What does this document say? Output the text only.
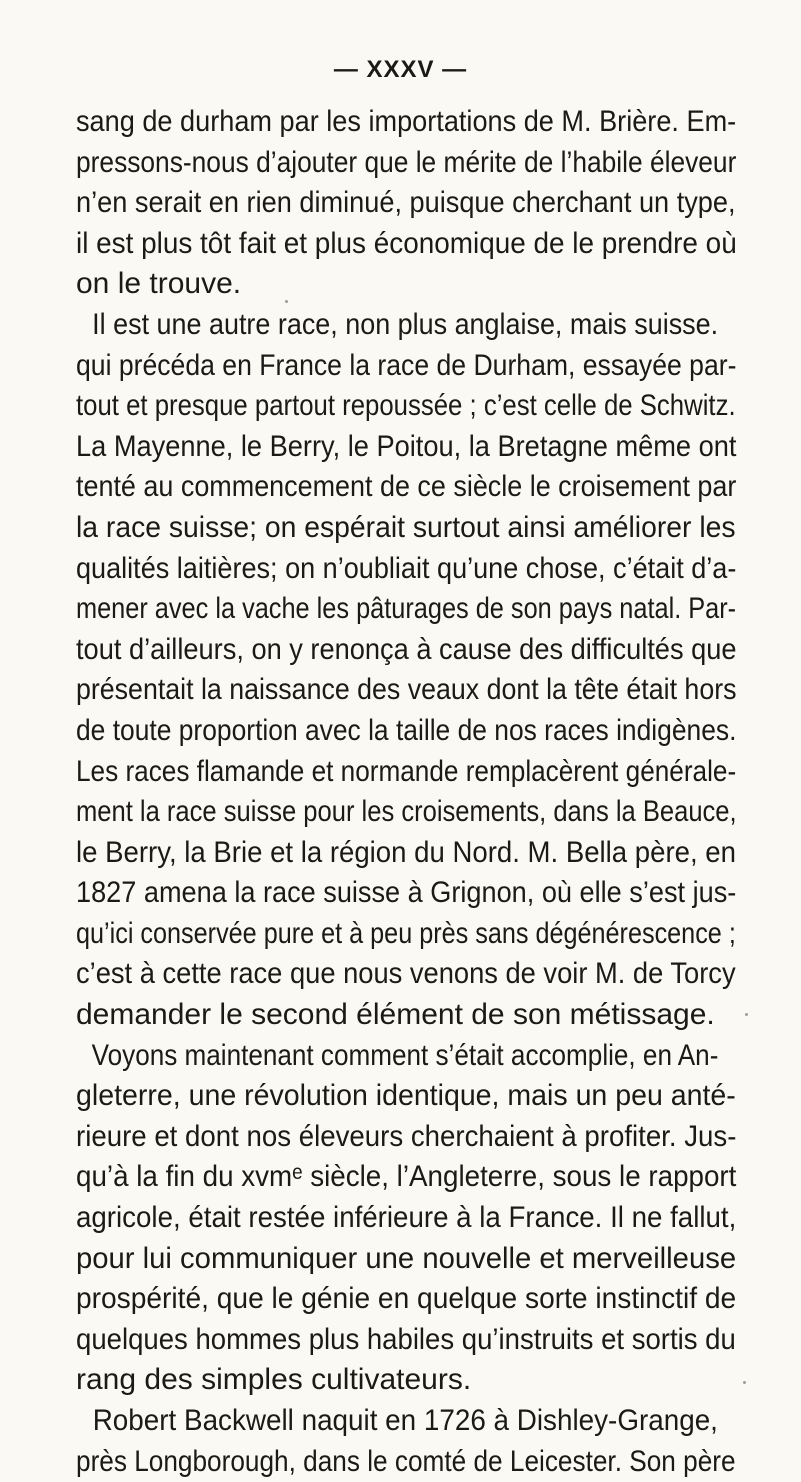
— XXXV —
sang de durham par les importations de M. Brière. Em-
pressons-nous d’ajouter que le mérite de l’habile éleveur
n’en serait en rien diminué, puisque cherchant un type,
il est plus tôt fait et plus économique de le prendre où
on le trouve.
Il est une autre race, non plus anglaise, mais suisse.
qui précéda en France la race de Durham, essayée par-
tout et presque partout repoussée ; c’est celle de Schwitz.
La Mayenne, le Berry, le Poitou, la Bretagne même ont
tenté au commencement de ce siècle le croisement par
la race suisse; on espérait surtout ainsi améliorer les
qualités laitières; on n’oubliait qu’une chose, c’était d’a-
mener avec la vache les pâturages de son pays natal. Par-
tout d’ailleurs, on y renonça à cause des difficultés que
présentait la naissance des veaux dont la tête était hors
de toute proportion avec la taille de nos races indigènes.
Les races flamande et normande remplacèrent générale-
ment la race suisse pour les croisements, dans la Beauce,
le Berry, la Brie et la région du Nord. M. Bella père, en
1827 amena la race suisse à Grignon, où elle s’est jus-
qu’ici conservée pure et à peu près sans dégénérescence ;
c’est à cette race que nous venons de voir M. de Torcy
demander le second élément de son métissage.
Voyons maintenant comment s’était accomplie, en An-
gleterre, une révolution identique, mais un peu anté-
rieure et dont nos éleveurs cherchaient à profiter. Jus-
qu’à la fin du xvmᵉ siècle, l’Angleterre, sous le rapport
agricole, était restée inférieure à la France. Il ne fallut,
pour lui communiquer une nouvelle et merveilleuse
prospérité, que le génie en quelque sorte instinctif de
quelques hommes plus habiles qu’instruits et sortis du
rang des simples cultivateurs.
Robert Backwell naquit en 1726 à Dishley-Grange,
près Longborough, dans le comté de Leicester. Son père
